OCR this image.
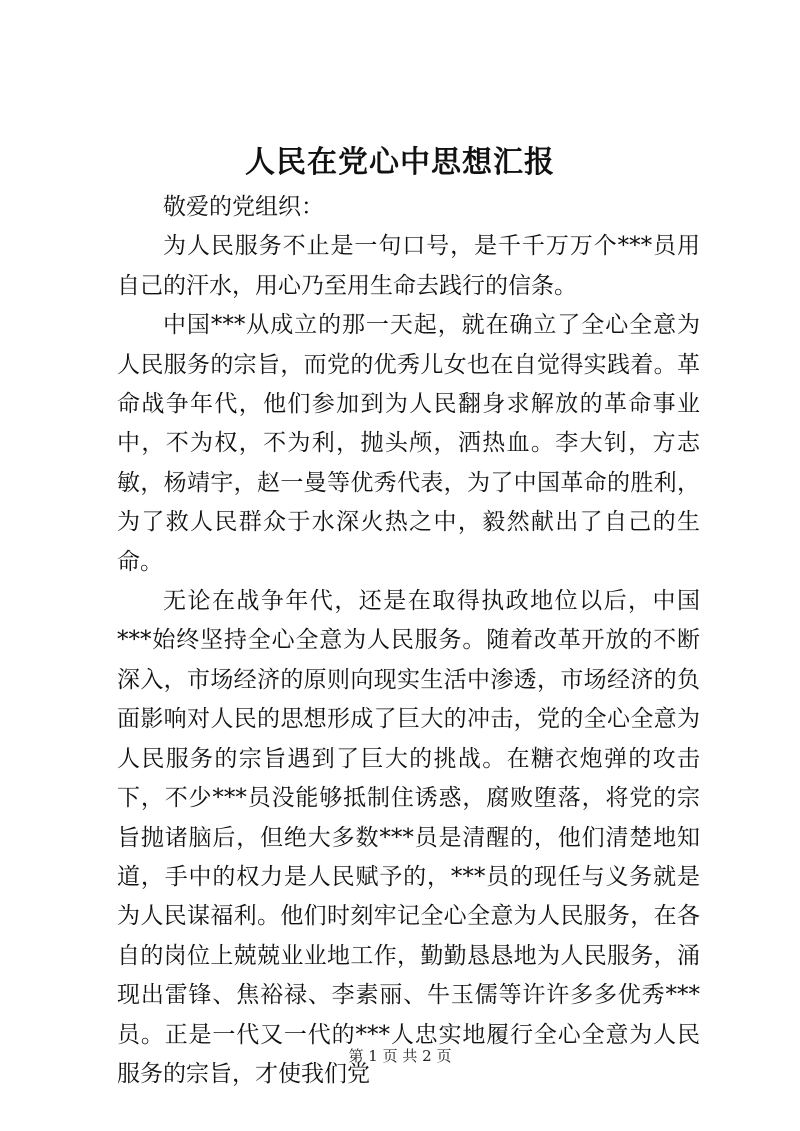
人民在党心中思想汇报

敬爱的党组织：

为人民服务不止是一句口号，是千千万万个***员用自己的汗水，用心乃至用生命去践行的信条。

中国***从成立的那一天起，就在确立了全心全意为人民服务的宗旨，而党的优秀儿女也在自觉得实践着。革命战争年代，他们参加到为人民翻身求解放的革命事业中，不为权，不为利，抛头颅，洒热血。李大钊，方志敏，杨靖宇，赵一曼等优秀代表，为了中国革命的胜利，为了救人民群众于水深火热之中，毅然献出了自己的生命。

无论在战争年代，还是在取得执政地位以后，中国***始终坚持全心全意为人民服务。随着改革开放的不断深入，市场经济的原则向现实生活中渗透，市场经济的负面影响对人民的思想形成了巨大的冲击，党的全心全意为人民服务的宗旨遇到了巨大的挑战。在糖衣炮弹的攻击下，不少***员没能够抵制住诱惑，腐败堕落，将党的宗旨抛诸脑后，但绝大多数***员是清醒的，他们清楚地知道，手中的权力是人民赋予的，***员的现任与义务就是为人民谋福利。他们时刻牢记全心全意为人民服务，在各自的岗位上兢兢业业地工作，勤勤恳恳地为人民服务，涌现出雷锋、焦裕禄、李素丽、牛玉儒等许许多多优秀***员。正是一代又一代的***人忠实地履行全心全意为人民服务的宗旨，才使我们党

第 1 页 共 2 页
